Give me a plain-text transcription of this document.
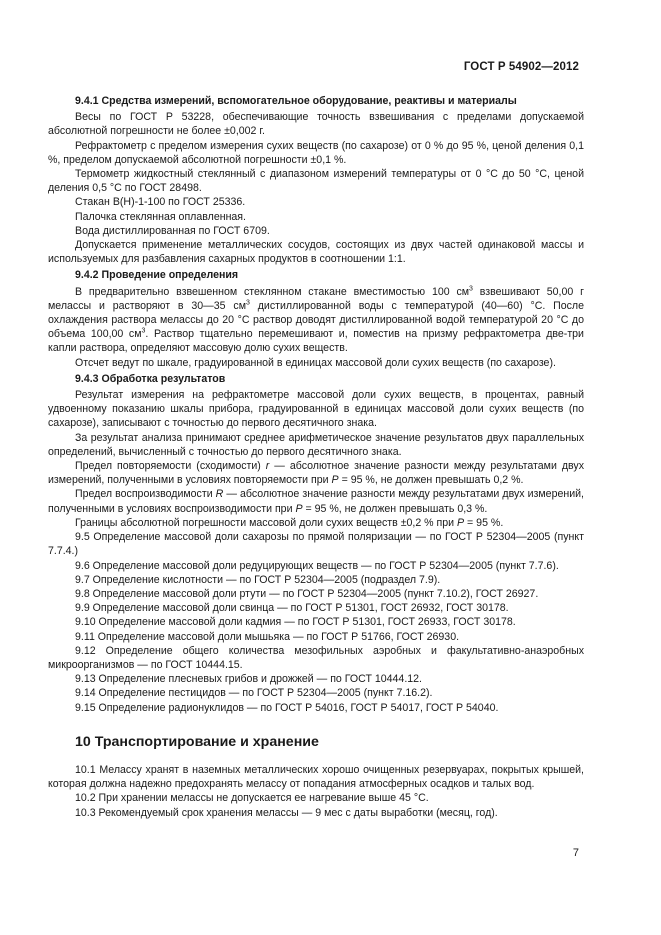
ГОСТ Р 54902—2012

9.4.1 Средства измерений, вспомогательное оборудование, реактивы и материалы

Весы по ГОСТ Р 53228, обеспечивающие точность взвешивания с пределами допускаемой абсолютной погрешности не более ±0,002 г.

Рефрактометр с пределом измерения сухих веществ (по сахарозе) от 0 % до 95 %, ценой деления 0,1 %, пределом допускаемой абсолютной погрешности ±0,1 %.

Термометр жидкостный стеклянный с диапазоном измерений температуры от 0 °С до 50 °С, ценой деления 0,5 °С по ГОСТ 28498.

Стакан В(Н)-1-100 по ГОСТ 25336.

Палочка стеклянная оплавленная.

Вода дистиллированная по ГОСТ 6709.

Допускается применение металлических сосудов, состоящих из двух частей одинаковой массы и используемых для разбавления сахарных продуктов в соотношении 1:1.

9.4.2 Проведение определения

В предварительно взвешенном стеклянном стакане вместимостью 100 $см^3$ взвешивают 50,00 г мелассы и растворяют в 30—35 $см^3$ дистиллированной воды с температурой (40—60) °С. После охлаждения раствора мелассы до 20 °С раствор доводят дистиллированной водой температурой 20 °С до объема 100,00 $см^3$. Раствор тщательно перемешивают и, поместив на призму рефрактометра две-три капли раствора, определяют массовую долю сухих веществ.

Отсчет ведут по шкале, градуированной в единицах массовой доли сухих веществ (по сахарозе).

9.4.3 Обработка результатов

Результат измерения на рефрактометре массовой доли сухих веществ, в процентах, равный удвоенному показанию шкалы прибора, градуированной в единицах массовой доли сухих веществ (по сахарозе), записывают с точностью до первого десятичного знака.

За результат анализа принимают среднее арифметическое значение результатов двух параллельных определений, вычисленный с точностью до первого десятичного знака.

Предел повторяемости (сходимости) r — абсолютное значение разности между результатами двух измерений, полученными в условиях повторяемости при P = 95 %, не должен превышать 0,2 %.

Предел воспроизводимости R — абсолютное значение разности между результатами двух измерений, полученными в условиях воспроизводимости при P = 95 %, не должен превышать 0,3 %.

Границы абсолютной погрешности массовой доли сухих веществ ±0,2 % при P = 95 %.

9.5 Определение массовой доли сахарозы по прямой поляризации — по ГОСТ Р 52304—2005 (пункт 7.7.4.)

9.6 Определение массовой доли редуцирующих веществ — по ГОСТ Р 52304—2005 (пункт 7.7.6).

9.7 Определение кислотности — по ГОСТ Р 52304—2005 (подраздел 7.9).

9.8 Определение массовой доли ртути — по ГОСТ Р 52304—2005 (пункт 7.10.2), ГОСТ 26927.

9.9 Определение массовой доли свинца — по ГОСТ Р 51301, ГОСТ 26932, ГОСТ 30178.

9.10 Определение массовой доли кадмия — по ГОСТ Р 51301, ГОСТ 26933, ГОСТ 30178.

9.11 Определение массовой доли мышьяка — по ГОСТ Р 51766, ГОСТ 26930.

9.12 Определение общего количества мезофильных аэробных и факультативно-анаэробных микроорганизмов — по ГОСТ 10444.15.

9.13 Определение плесневых грибов и дрожжей — по ГОСТ 10444.12.

9.14 Определение пестицидов — по ГОСТ Р 52304—2005 (пункт 7.16.2).

9.15 Определение радионуклидов — по ГОСТ Р 54016, ГОСТ Р 54017, ГОСТ Р 54040.

10 Транспортирование и хранение

10.1 Мелассу хранят в наземных металлических хорошо очищенных резервуарах, покрытых крышей, которая должна надежно предохранять мелассу от попадания атмосферных осадков и талых вод.

10.2 При хранении мелассы не допускается ее нагревание выше 45 °С.

10.3 Рекомендуемый срок хранения мелассы — 9 мес с даты выработки (месяц, год).

7
